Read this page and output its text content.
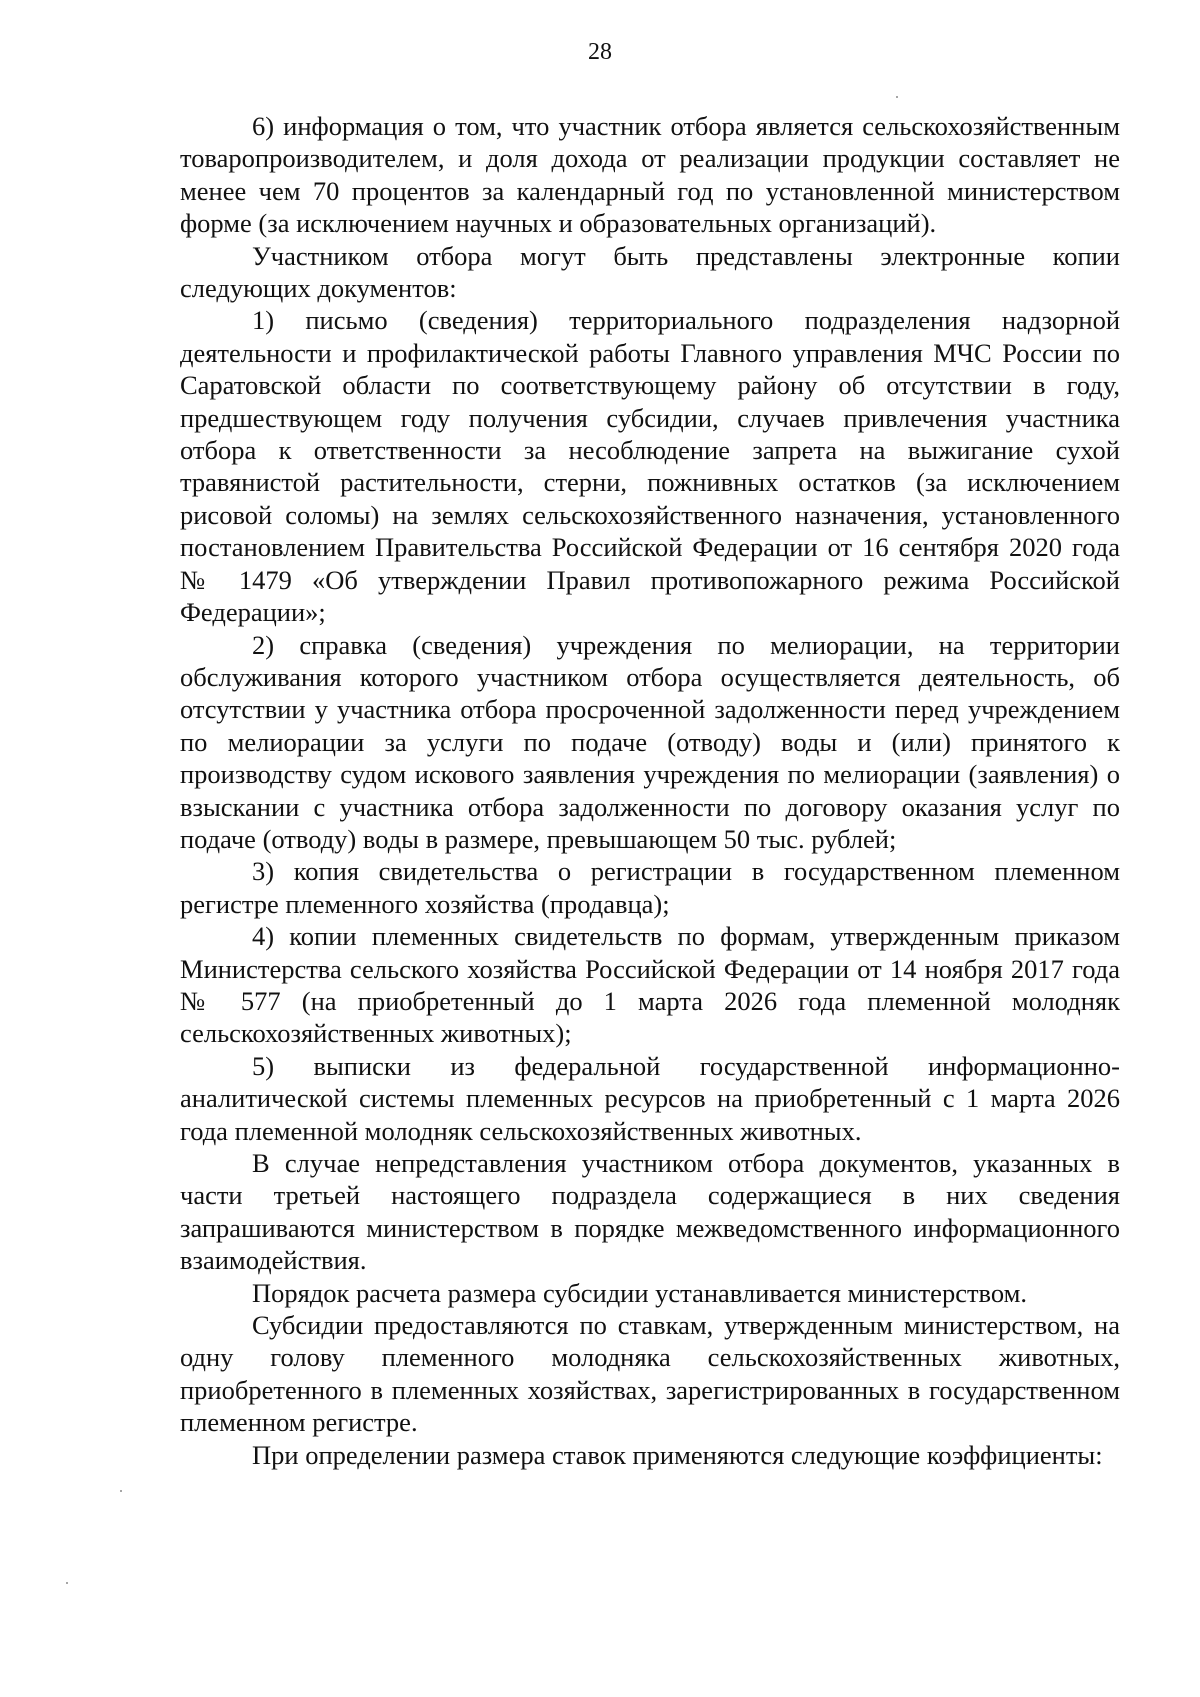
28

6) информация о том, что участник отбора является сельскохозяйственным товаропроизводителем, и доля дохода от реализации продукции составляет не менее чем 70 процентов за календарный год по установленной министерством форме (за исключением научных и образовательных организаций).

Участником отбора могут быть представлены электронные копии следующих документов:

1) письмо (сведения) территориального подразделения надзорной деятельности и профилактической работы Главного управления МЧС России по Саратовской области по соответствующему району об отсутствии в году, предшествующем году получения субсидии, случаев привлечения участника отбора к ответственности за несоблюдение запрета на выжигание сухой травянистой растительности, стерни, пожнивных остатков (за исключением рисовой соломы) на землях сельскохозяйственного назначения, установленного постановлением Правительства Российской Федерации от 16 сентября 2020 года № 1479 «Об утверждении Правил противопожарного режима Российской Федерации»;

2) справка (сведения) учреждения по мелиорации, на территории обслуживания которого участником отбора осуществляется деятельность, об отсутствии у участника отбора просроченной задолженности перед учреждением по мелиорации за услуги по подаче (отводу) воды и (или) принятого к производству судом искового заявления учреждения по мелиорации (заявления) о взыскании с участника отбора задолженности по договору оказания услуг по подаче (отводу) воды в размере, превышающем 50 тыс. рублей;

3) копия свидетельства о регистрации в государственном племенном регистре племенного хозяйства (продавца);

4) копии племенных свидетельств по формам, утвержденным приказом Министерства сельского хозяйства Российской Федерации от 14 ноября 2017 года № 577 (на приобретенный до 1 марта 2026 года племенной молодняк сельскохозяйственных животных);

5) выписки из федеральной государственной информационно-аналитической системы племенных ресурсов на приобретенный с 1 марта 2026 года племенной молодняк сельскохозяйственных животных.

В случае непредставления участником отбора документов, указанных в части третьей настоящего подраздела содержащиеся в них сведения запрашиваются министерством в порядке межведомственного информационного взаимодействия.

Порядок расчета размера субсидии устанавливается министерством.

Субсидии предоставляются по ставкам, утвержденным министерством, на одну голову племенного молодняка сельскохозяйственных животных, приобретенного в племенных хозяйствах, зарегистрированных в государственном племенном регистре.

При определении размера ставок применяются следующие коэффициенты:
